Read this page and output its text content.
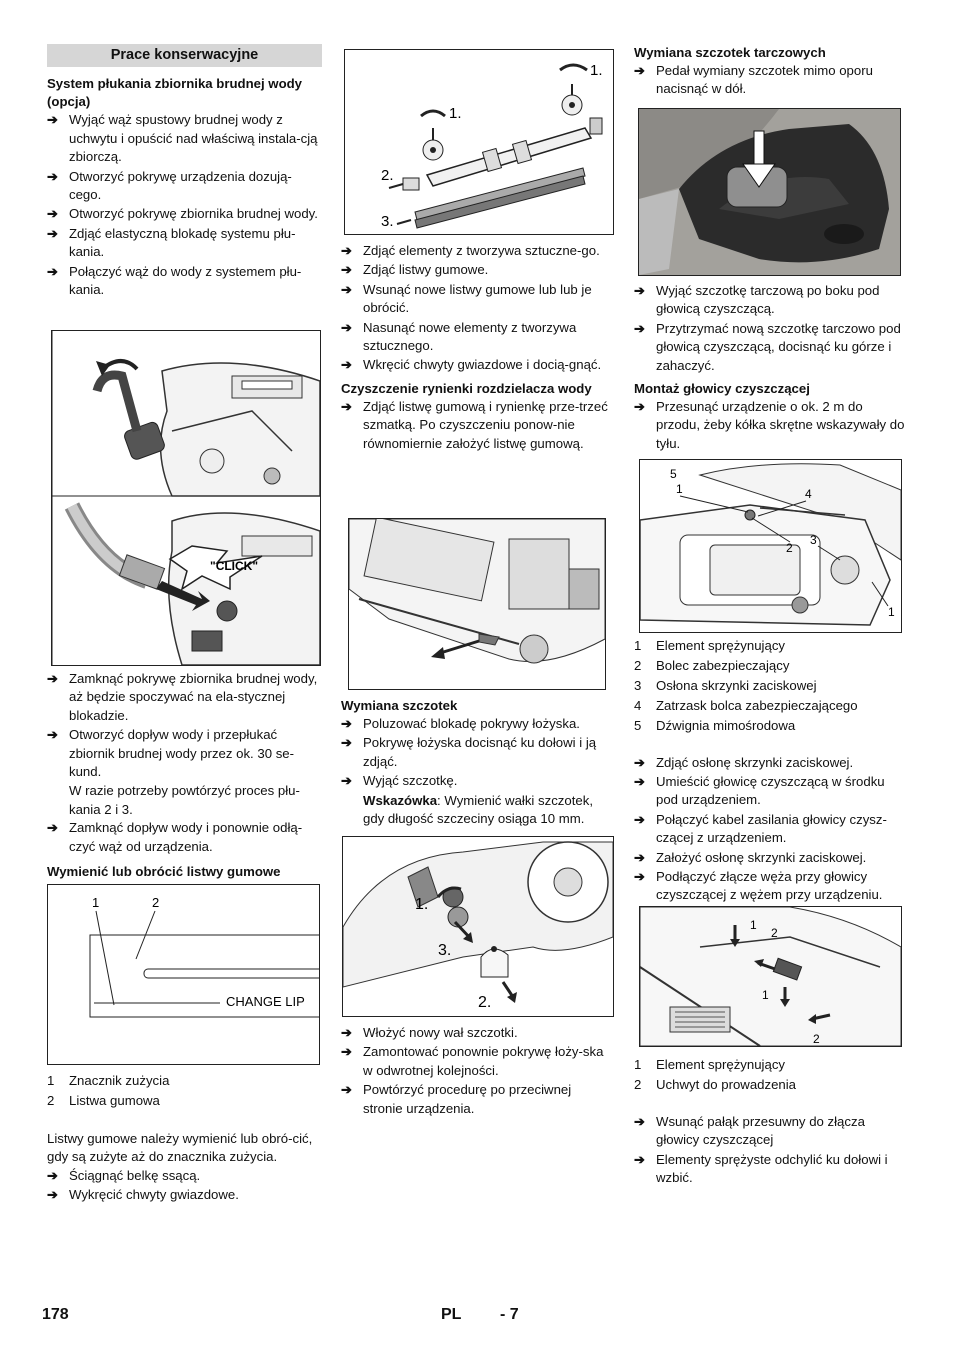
Prace konserwacyjne
System płukania zbiornika brudnej wody (opcja)
➔ Wyjąć wąż spustowy brudnej wody z uchwytu i opuścić nad właściwą instala-cją zbiorczą.
➔ Otworzyć pokrywę urządzenia dozują-cego.
➔ Otworzyć pokrywę zbiornika brudnej wody.
➔ Zdjąć elastyczną blokadę systemu płu-kania.
➔ Połączyć wąż do wody z systemem płu-kania.
"CLICK"
➔ Zamknąć pokrywę zbiornika brudnej wody, aż będzie spoczywać na ela-stycznej blokadzie.
➔ Otworzyć dopływ wody i przepłukać zbiornik brudnej wody przez ok. 30 se-kund.
W razie potrzeby powtórzyć proces płu-kania 2 i 3.
➔ Zamknąć dopływ wody i ponownie odłą-czyć wąż od urządzenia.
Wymienić lub obrócić listwy gumowe
1	2
CHANGE LIP
1 Znacznik zużycia
2 Listwa gumowa
Listwy gumowe należy wymienić lub obró-cić, gdy są zużyte aż do znacznika zużycia.
➔ Ściągnąć belkę ssącą.
➔ Wykręcić chwyty gwiazdowe.
1.
1.
2.
3.
➔ Zdjąć elementy z tworzywa sztuczne-go.
➔ Zdjąć listwy gumowe.
➔ Wsunąć nowe listwy gumowe lub lub je obrócić.
➔ Nasunąć nowe elementy z tworzywa sztucznego.
➔ Wkręcić chwyty gwiazdowe i docią-gnąć.
Czyszczenie rynienki rozdzielacza wody
➔ Zdjąć listwę gumową i rynienkę prze-trzeć szmatką. Po czyszczeniu ponow-nie równomiernie założyć listwę gumową.
Wymiana szczotek
➔ Poluzować blokadę pokrywy łożyska.
➔ Pokrywę łożyska docisnąć ku dołowi i ją zdjąć.
➔ Wyjąć szczotkę.
Wskazówka: Wymienić wałki szczotek, gdy długość szczeciny osiąga 10 mm.
1.
3.
2.
➔ Włożyć nowy wał szczotki.
➔ Zamontować ponownie pokrywę łoży-ska w odwrotnej kolejności.
➔ Powtórzyć procedurę po przeciwnej stronie urządzenia.
Wymiana szczotek tarczowych
➔ Pedał wymiany szczotek mimo oporu nacisnąć w dół.
➔ Wyjąć szczotkę tarczową po boku pod głowicą czyszczącą.
➔ Przytrzymać nową szczotkę tarczowo pod głowicą czyszczącą, docisnąć ku górze i zahaczyć.
Montaż głowicy czyszczącej
➔ Przesunąć urządzenie o ok. 2 m do przodu, żeby kółka skrętne wskazywały do tyłu.
5
1	4
2
3
1
1 Element sprężynujący
2 Bolec zabezpieczający
3 Osłona skrzynki zaciskowej
4 Zatrzask bolca zabezpieczającego
5 Dźwignia mimośrodowa
➔ Zdjąć osłonę skrzynki zaciskowej.
➔ Umieścić głowicę czyszczącą w środku pod urządzeniem.
➔ Połączyć kabel zasilania głowicy czysz-czącej z urządzeniem.
➔ Założyć osłonę skrzynki zaciskowej.
➔ Podłączyć złącze węża przy głowicy czyszczącej z wężem przy urządzeniu.
1
2
1
2
1 Element sprężynujący
2 Uchwyt do prowadzenia
➔ Wsunąć pałąk przesuwny do złącza głowicy czyszczącej
➔ Elementy sprężyste odchylić ku dołowi i wzbić.
178	PL - 7
